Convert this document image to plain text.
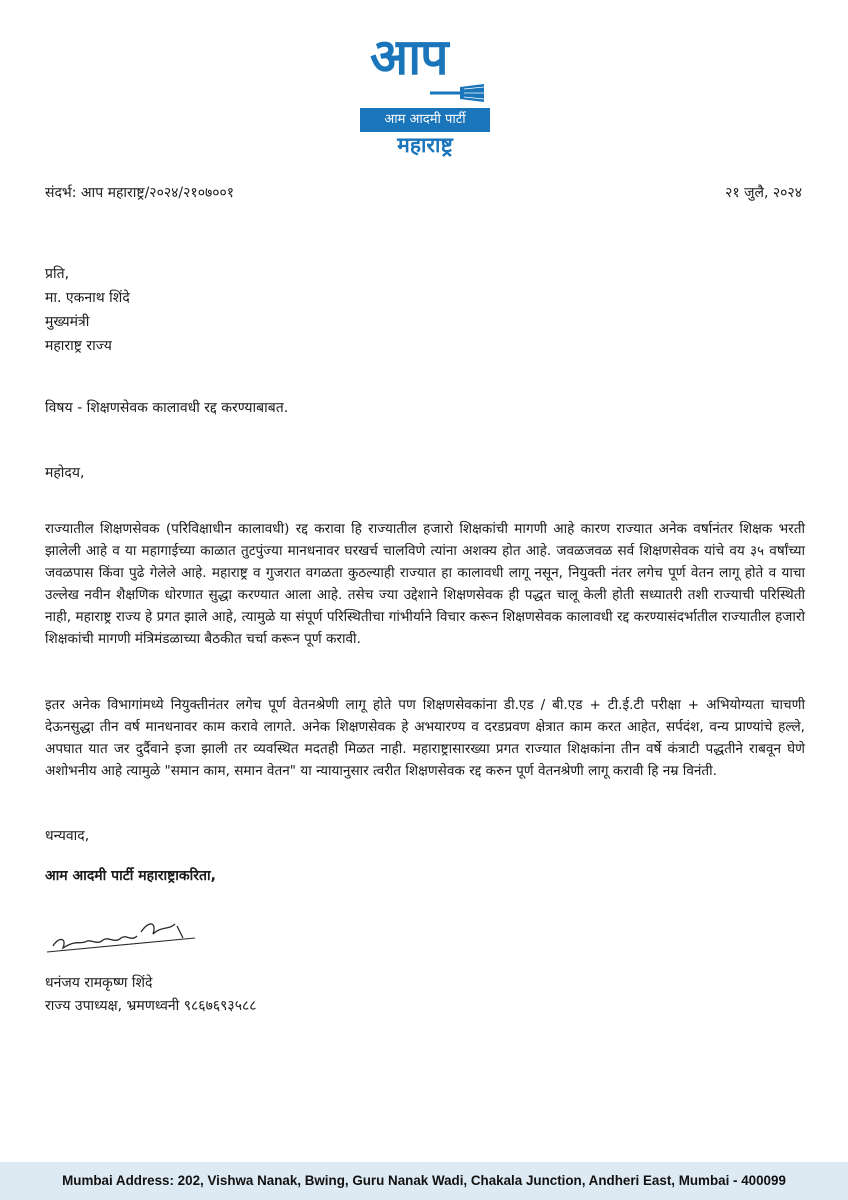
आप
आम आदमी पार्टी
महाराष्ट्र
संदर्भ: आप महाराष्ट्र/२०२४/२१०७००१	२१ जुलै, २०२४
प्रति,
मा. एकनाथ शिंदे
मुख्यमंत्री
महाराष्ट्र राज्य
विषय - शिक्षणसेवक कालावधी रद्द करण्याबाबत.
महोदय,
राज्यातील शिक्षणसेवक (परिविक्षाधीन कालावधी) रद्द करावा हि राज्यातील हजारो शिक्षकांची मागणी आहे कारण राज्यात अनेक वर्षानंतर शिक्षक भरती झालेली आहे व या महागाईच्या काळात तुटपुंज्या मानधनावर घरखर्च चालविणे त्यांना अशक्य होत आहे. जवळजवळ सर्व शिक्षणसेवक यांचे वय ३५ वर्षांच्या जवळपास किंवा पुढे गेलेले आहे. महाराष्ट्र व गुजरात वगळता कुठल्याही राज्यात हा कालावधी लागू नसून, नियुक्ती नंतर लगेच पूर्ण वेतन लागू होते व याचा उल्लेख नवीन शैक्षणिक धोरणात सुद्धा करण्यात आला आहे. तसेच ज्या उद्देशाने शिक्षणसेवक ही पद्धत चालू केली होती सध्यातरी तशी राज्याची परिस्थिती नाही, महाराष्ट्र राज्य हे प्रगत झाले आहे, त्यामुळे या संपूर्ण परिस्थितीचा गांभीर्याने विचार करून शिक्षणसेवक कालावधी रद्द करण्यासंदर्भातील राज्यातील हजारो शिक्षकांची मागणी मंत्रिमंडळाच्या बैठकीत चर्चा करून पूर्ण करावी.
इतर अनेक विभागांमध्ये नियुक्तीनंतर लगेच पूर्ण वेतनश्रेणी लागू होते पण शिक्षणसेवकांना डी.एड / बी.एड + टी.ई.टी परीक्षा + अभियोग्यता चाचणी देऊनसुद्धा तीन वर्ष मानधनावर काम करावे लागते. अनेक शिक्षणसेवक हे अभयारण्य व दरडप्रवण क्षेत्रात काम करत आहेत, सर्पदंश, वन्य प्राण्यांचे हल्ले, अपघात यात जर दुर्दैवाने इजा झाली तर व्यवस्थित मदतही मिळत नाही. महाराष्ट्रासारख्या प्रगत राज्यात शिक्षकांना तीन वर्षे कंत्राटी पद्धतीने राबवून घेणे अशोभनीय आहे त्यामुळे "समान काम, समान वेतन" या न्यायानुसार त्वरीत शिक्षणसेवक रद्द करुन पूर्ण वेतनश्रेणी लागू करावी हि नम्र विनंती.
धन्यवाद,
आम आदमी पार्टी महाराष्ट्राकरिता,
धनंजय रामकृष्ण शिंदे
राज्य उपाध्यक्ष, भ्रमणध्वनी ९८६७६९३५८८
Mumbai Address: 202, Vishwa Nanak, Bwing, Guru Nanak Wadi, Chakala Junction, Andheri East, Mumbai - 400099
